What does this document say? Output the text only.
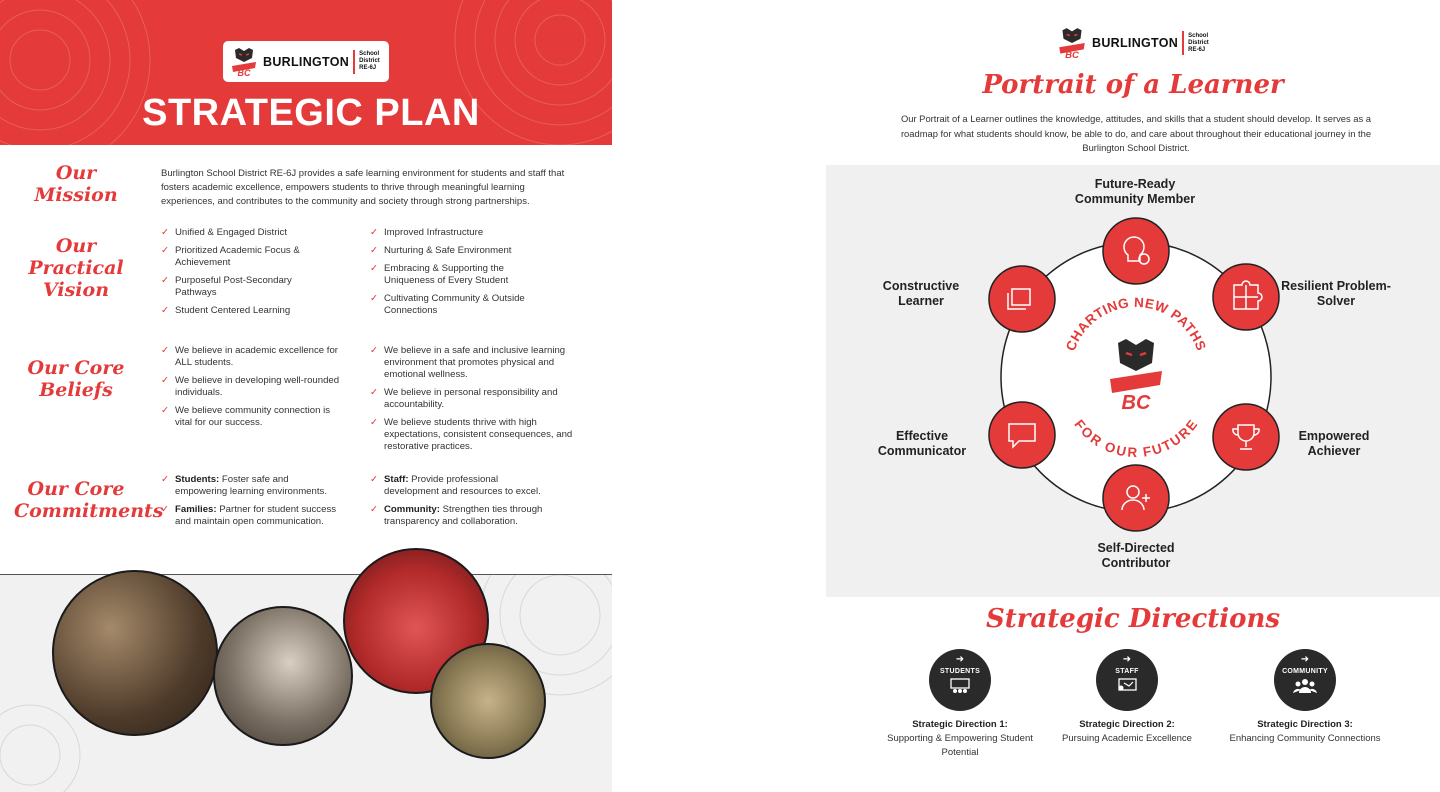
BC
BURLINGTON
School
District
RE-6J
STRATEGIC PLAN
Our
Mission

Burlington School District RE-6J provides a safe learning environment for students and staff that fosters academic excellence, empowers students to thrive through meaningful learning experiences, and contributes to the community and society through strong partnerships.

Our
Practical
Vision
✓ Unified & Engaged District
✓ Prioritized Academic Focus & Achievement
✓ Purposeful Post-Secondary Pathways
✓ Student Centered Learning
✓ Improved Infrastructure
✓ Nurturing & Safe Environment
✓ Embracing & Supporting the Uniqueness of Every Student
✓ Cultivating Community & Outside Connections
Our Core
Beliefs
✓ We believe in academic excellence for ALL students.
✓ We believe in developing well-rounded individuals.
✓ We believe community connection is vital for our success.
✓ We believe in a safe and inclusive learning environment that promotes physical and emotional wellness.
✓ We believe in personal responsibility and accountability.
✓ We believe students thrive with high expectations, consistent consequences, and restorative practices.
Our Core
Commitments
✓ Students: Foster safe and empowering learning environments.
✓ Families: Partner for student success and maintain open communication.
✓ Staff: Provide professional development and resources to excel.
✓ Community: Strengthen ties through transparency and collaboration.
BC
BURLINGTON
School
District
RE-6J
Portrait of a Learner

Our Portrait of a Learner outlines the knowledge, attitudes, and skills that a student should develop. It serves as a roadmap for what students should know, be able to do, and care about throughout their educational journey in the Burlington School District.

CHARTING NEW PATHS
FOR OUR FUTURE
BC
Future-Ready Community Member
Resilient Problem-Solver
Empowered Achiever
Self-Directed Contributor
Effective Communicator
Constructive Learner
Strategic Directions
➜
STUDENTS
Strategic Direction 1:
Supporting & Empowering Student Potential
➜
STAFF
Strategic Direction 2:
Pursuing Academic Excellence
➜
COMMUNITY
Strategic Direction 3:
Enhancing Community Connections
